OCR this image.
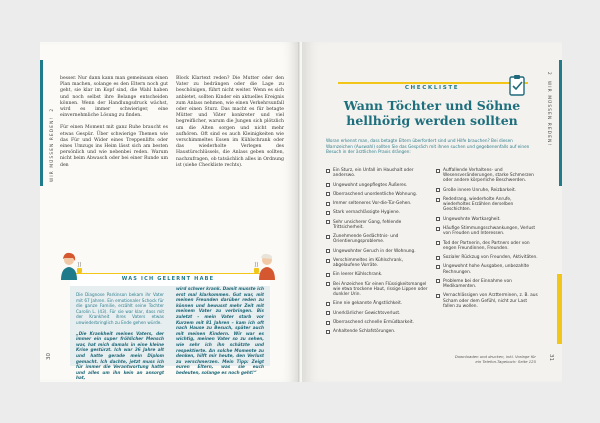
WIR MÜSSEN REDEN!  2

besser. Nur dann kann man gemeinsam einen Plan machen, solange es den Eltern noch gut geht, sie klar im Kopf sind, die Wahl haben und noch selbst ihre Belange entscheiden können. Wenn der Handlungsdruck wächst, wird es immer schwieriger, eine einvernehmliche Lösung zu finden.

Für einen Moment mit ganz Ruhe braucht es etwas Gespür. Über schwierige Themen wie das Für und Wider eines Treppenlifts oder eines Umzugs ins Heim lässt sich am besten persönlich und wie nebenbei reden. Warum nicht beim Abwasch oder bei einer Runde um den

Block Klartext reden? Die Mutter oder den Vater zu bedrängen oder die Lage zu beschönigen, führt nicht weiter. Wenn es sich anbietet, sollten Kinder ein aktuelles Ereignis zum Anlass nehmen, wie einen Verkehrsunfall oder einen Sturz. Das macht es für betagte Mütter und Väter konkreter und viel begreiflicher, warum die Jungen sich plötzlich um die Alten sorgen und nicht mehr aufhören. Oft sind es auch Kleinigkeiten wie verschimmeltes Essen im Kühlschrank oder das wiederholte Verlegen des Haustürschlüssels, die Anlass geben sollten, nachzufragen, ob tatsächlich alles in Ordnung ist (siehe Checkliste rechts).

WAS ICH GELERNT HABE

Die Diagnose Parkinson bekam ihr Vater mit 67 Jahren. Ein emotionaler Schock für die ganze Familie, erzählt seine Tochter Carolin L. (43). Für sie war klar, dass mit der Krankheit ihres Vaters etwas unwiederbringlich zu Ende gehen würde.

„Die Krankheit meines Vaters, der immer ein super fröhlicher Mensch war, hat mich damals in eine kleine Krise gestürzt. Ich war 36 Jahre alt und hatte gerade mein Diplom gemacht. Ich dachte, jetzt muss ich für immer die Verantwortung hatte und alles um ihn kein an ansorgt hat,

wird schwer krank. Damit musste ich erst mal klarkommen. Gut war, mit meinen Freunden darüber reden zu können und bewusst mehr Zeit mit meinem Vater zu verbringen. Bis zuletzt – mein Vater starb vor Kurzem mit 81 Jahren – kam ich oft nach Hause zu Besuch, später auch mit meinen Kindern. Wir war es wichtig, meinen Vater so zu sehen, wie sehr ich ihn schätzte und respektierte. An solche Momente zu denken, hilft mir heute, den Verlust zu verschmerzen. Mein Tipp: Zeigt euren Eltern, was sie euch bedeuten, solange es noch geht!“

30
2  WIR MÜSSEN REDEN!
CHECKLISTE
Wann Töchter und Söhne
hellhörig werden sollten

Woran erkennt man, dass betagte Eltern überfordert sind und Hilfe brauchen? Bei diesen Warnzeichen (Auswahl) sollten Sie das Gespräch mit ihnen suchen und gegebenenfalls auf einen Besuch in der ärztlichen Praxis drängen:

Ein Sturz, ein Unfall im Haushalt oder anderswo.
Ungewohnt ungepflegtes Äußeres.
Überraschend unordentliche Wohnung.
Immer selteneres Vor-die-Tür-Gehen.
Stark vernachlässigte Hygiene.
Sehr unsicherer Gang, fehlende Trittsicherheit.
Zunehmende Gedächtnis- und Orientierungsprobleme.
Ungewohnter Geruch in der Wohnung.
Verschimmeltes im Kühlschrank, abgelaufene Vorräte.
Ein leerer Kühlschrank.
Bei Anzeichen für einen Flüssigkeitsmangel wie etwa trockene Haut, rissige Lippen oder dunkler Urin.
Eine nie gekannte Ängstlichkeit.
Unerklärlicher Gewichtsverlust.
Überraschend schnelle Ermüdbarkeit.
Anhaltende Schlafstörungen.
Auffallende Verhaltens- und Wesensveränderungen, starke Schmerzen oder andere körperliche Beschwerden.
Große innere Unruhe, Reizbarkeit.
Rededrang, wiederholte Anrufe, wiederholtes Erzählen derselben Geschichten.
Ungewohnte Wortkargheit.
Häufige Stimmungsschwankungen, Verlust von Freuden und Interessen.
Tod der Partnerin, des Partners oder von engen Freundinnen, Freunden.
Sozialer Rückzug von Freunden, Aktivitäten.
Ungewohnt hohe Ausgaben, unbezahlte Rechnungen.
Probleme bei der Einnahme von Medikamenten.
Vernachlässigen von Arztterminen, z. B. aus Scham oder dem Gefühl, nicht zur Last fallen zu wollen.

Downloaden und drucken, inkl. Vorlage für ein Telefon-Tagebuch: Seite 125

31
